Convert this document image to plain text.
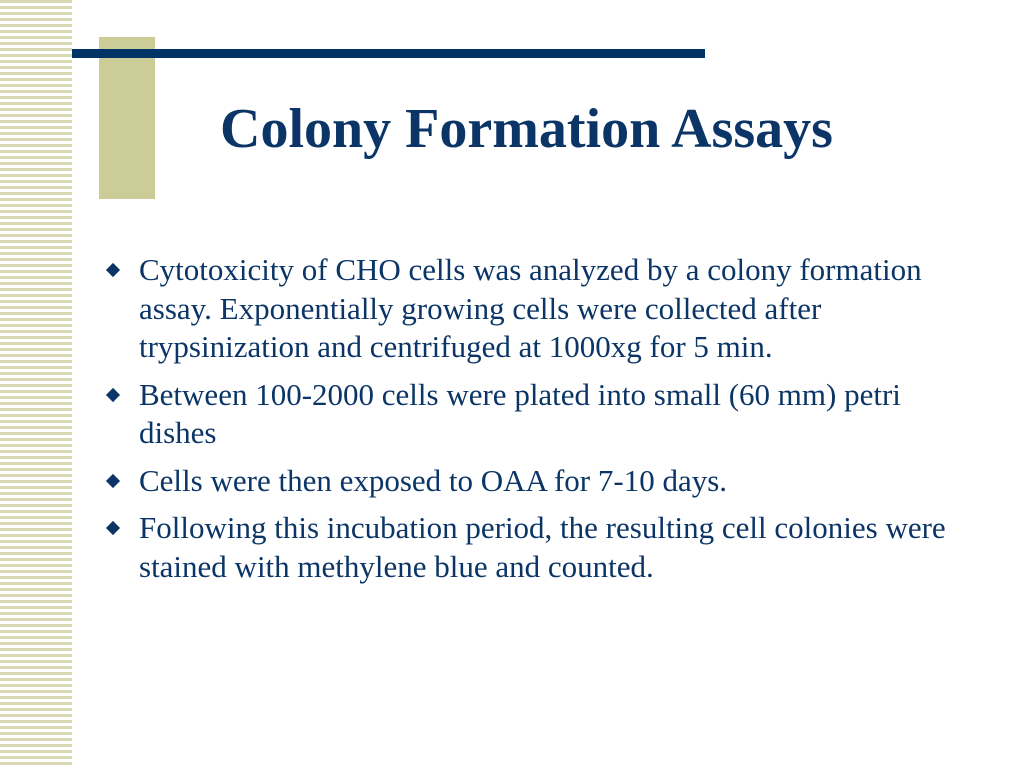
Colony Formation Assays
Cytotoxicity of CHO cells was analyzed by a colony formation assay. Exponentially growing cells were collected after trypsinization and centrifuged at 1000xg for 5 min.
Between 100-2000 cells were plated into small (60 mm) petri dishes
Cells were then exposed to OAA for 7-10 days.
Following this incubation period, the resulting cell colonies were stained with methylene blue and counted.
